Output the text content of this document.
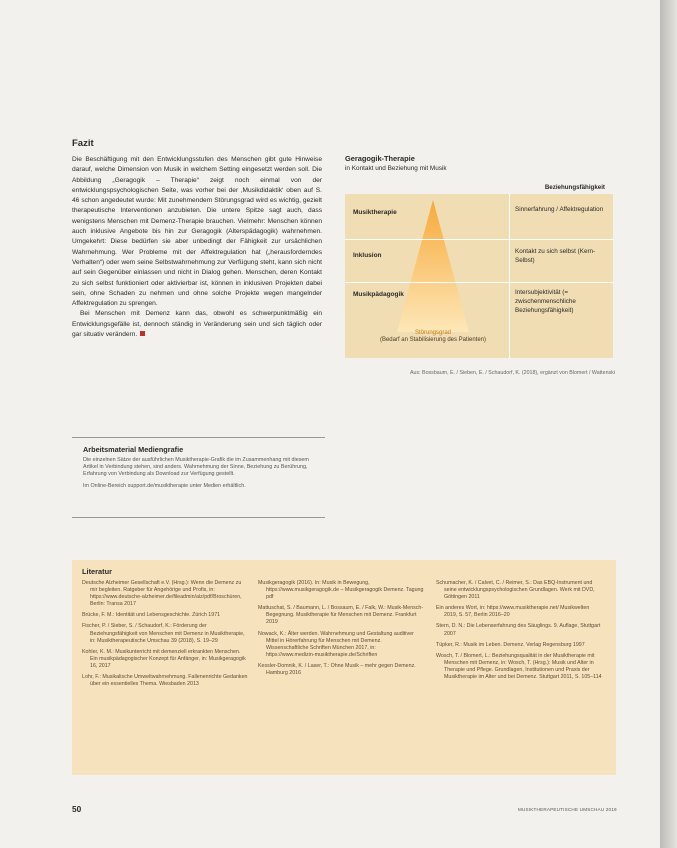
Fazit

Die Beschäftigung mit den Entwicklungsstufen des Menschen gibt gute Hinweise darauf, welche Dimension von Musik in welchem Setting eingesetzt werden soll. Die Abbildung „Geragogik – Therapie“ zeigt noch einmal von der entwicklungspsychologischen Seite, was vorher bei der ‚Musikdidaktik‘ oben auf S. 46 schon angedeutet wurde: Mit zunehmendem Störungsgrad wird es wichtig, gezielt therapeutische Interventionen anzubieten. Die untere Spitze sagt auch, dass wenigstens Menschen mit Demenz-Therapie brauchen. Vielmehr: Menschen können auch inklusive Angebote bis hin zur Geragogik (Alterspädagogik) wahrnehmen. Umgekehrt: Diese bedürfen sie aber unbedingt der Fähigkeit zur ursächlichen Wahrnehmung. Wer Probleme mit der Affektregulation hat („herausforderndes Verhalten“) oder wem seine Selbstwahrnehmung zur Verfügung steht, kann sich nicht auf sein Gegenüber einlassen und nicht in Dialog gehen. Menschen, deren Kontakt zu sich selbst funktioniert oder aktivierbar ist, können in inklusiven Projekten dabei sein, ohne Schaden zu nehmen und ohne solche Projekte wegen mangelnder Affektregulation zu sprengen.

Bei Menschen mit Demenz kann das, obwohl es schwerpunktmäßig ein Entwicklungsgefälle ist, dennoch ständig in Veränderung sein und sich täglich oder gar situativ verändern.

Geragogik-Therapie
in Kontakt und Beziehung mit Musik
Beziehungsfähigkeit
Musiktherapie
Inklusion
Musikpädagogik
Sinnerfahrung / Affektregulation
Kontakt zu sich selbst (Kern-Selbst)
Intersubjektivität (= zwischenmenschliche Beziehungsfähigkeit)
Störungsgrad
(Bedarf an Stabilisierung des Patienten)
Aus: Bossbaum, E. / Sieben, E. / Schaudorf, K. (2018), ergänzt von Blomert / Wattenski
Arbeitsmaterial Mediengrafie

Die einzelnen Sätze der ausführlichen Musiktherapie-Grafik die im Zusammenhang mit diesem Artikel in Verbindung stehen, sind anders. Wahrnehmung der Sinne, Beziehung zu Berührung, Erfahrung von Verbindung als Download zur Verfügung gestellt.

Im Online-Bereich support.de/musiktherapie unter Medien erhältlich.

Literatur
Deutsche Alzheimer Gesellschaft e.V. (Hrsg.): Wenn die Demenz zu mir begleiten. Ratgeber für Angehörige und Profis, in: https://www.deutsche-alzheimer.de/fileadmin/alz/pdf/Broschüren, Berlin: Transa 2017
Brücke, F. M.: Identität und Lebensgeschichte. Zürich 1971
Fischer, P. / Sieber, S. / Schaudorf, K.: Förderung der Beziehungsfähigkeit von Menschen mit Demenz in Musiktherapie, in: Musiktherapeutische Umschau 39 (2018), S. 19–29
Kohler, K. M.: Musikunterricht mit demenziell erkrankten Menschen. Ein musikpädagogischer Konzept für Anfänger, in: Musikgeragogik 16, 2017
Lohr, F.: Musikalische Umweltwahrnehmung. Fallenenrichte Gedanken über ein essentielles Thema. Wiesbaden 2013
Musikgeragogik (2016). In: Musik in Bewegung, https://www.musikgeragogik.de – Musikgeragogik Demenz. Tagung pdf
Mattuschat, S. / Baumann, L. / Bossaum, E. / Falk, W.: Musik-Mensch-Begegnung. Musiktherapie für Menschen mit Demenz. Frankfurt 2019
Nowack, K.: Älter werden. Wahrnehmung und Gestaltung auditiver Mittel in Hörerfahrung für Menschen mit Demenz. Wissenschaftliche Schriften München 2017, in: https://www.medizin-musiktherapie.de/Schriften
Kessler-Domnik, K. / Laser, T.: Ohne Musik – mehr gegen Demenz. Hamburg 2016
Schumacher, K. / Calvet, C. / Reimer, S.: Das EBQ-Instrument und seine entwicklungspsychologischen Grundlagen. Werk mit DVD, Göttingen 2011
Ein anderes Wort, in: https://www.musiktherapie.net/ Musikwelten 2019, S. 57, Berlin 2016–20
Stern, D. N.: Die Lebenserfahrung des Säuglings. 9. Auflage, Stuttgart 2007
Tüpker, R.: Musik im Leben. Demenz. Verlag Regensburg 1997
Wosch, T. / Blomert, L.: Beziehungsqualität in der Musiktherapie mit Menschen mit Demenz, in: Wosch, T. (Hrsg.): Musik und Alter in Therapie und Pflege. Grundlagen, Institutionen und Praxis der Musiktherapie im Alter und bei Demenz. Stuttgart 2011, S. 105–114
50	MUSIKTHERAPEUTISCHE UMSCHAU 2019
